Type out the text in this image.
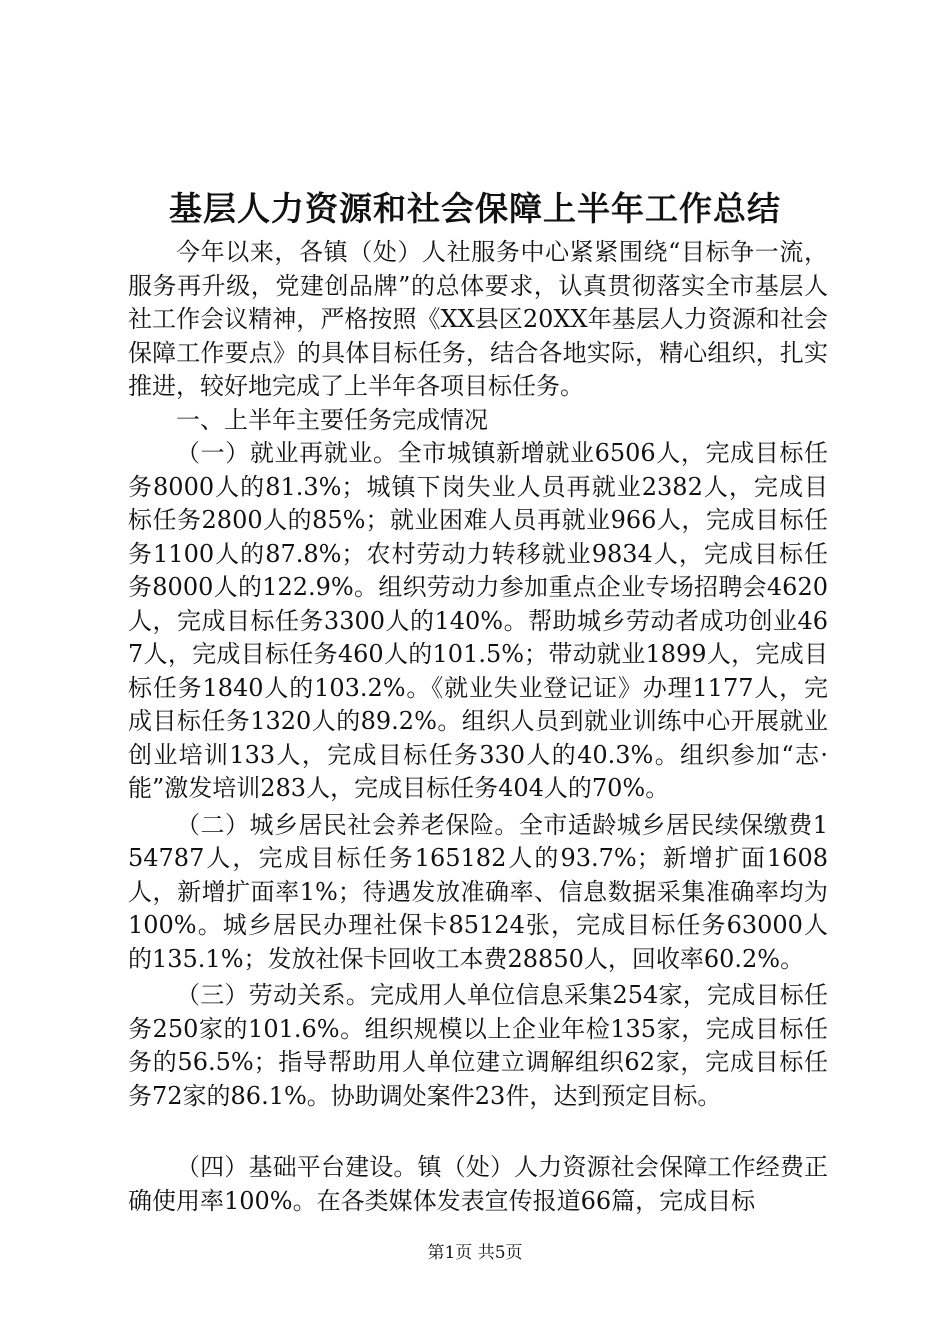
基层人力资源和社会保障上半年工作总结

今年以来，各镇（处）人社服务中心紧紧围绕“目标争一流，服务再升级，党建创品牌”的总体要求，认真贯彻落实全市基层人社工作会议精神，严格按照《XX县区20XX年基层人力资源和社会保障工作要点》的具体目标任务，结合各地实际，精心组织，扎实推进，较好地完成了上半年各项目标任务。

一、上半年主要任务完成情况

（一）就业再就业。全市城镇新增就业6506人，完成目标任务8000人的81.3%；城镇下岗失业人员再就业2382人，完成目标任务2800人的85%；就业困难人员再就业966人，完成目标任务1100人的87.8%；农村劳动力转移就业9834人，完成目标任务8000人的122.9%。组织劳动力参加重点企业专场招聘会4620人，完成目标任务3300人的140%。帮助城乡劳动者成功创业467人，完成目标任务460人的101.5%；带动就业1899人，完成目标任务1840人的103.2%。《就业失业登记证》办理1177人，完成目标任务1320人的89.2%。组织人员到就业训练中心开展就业创业培训133人，完成目标任务330人的40.3%。组织参加“志·能”激发培训283人，完成目标任务404人的70%。

（二）城乡居民社会养老保险。全市适龄城乡居民续保缴费154787人，完成目标任务165182人的93.7%；新增扩面1608人，新增扩面率1%；待遇发放准确率、信息数据采集准确率均为100%。城乡居民办理社保卡85124张，完成目标任务63000人的135.1%；发放社保卡回收工本费28850人，回收率60.2%。

（三）劳动关系。完成用人单位信息采集254家，完成目标任务250家的101.6%。组织规模以上企业年检135家，完成目标任务的56.5%；指导帮助用人单位建立调解组织62家，完成目标任务72家的86.1%。协助调处案件23件，达到预定目标。

（四）基础平台建设。镇（处）人力资源社会保障工作经费正确使用率100%。在各类媒体发表宣传报道66篇，完成目标

第1页 共5页
